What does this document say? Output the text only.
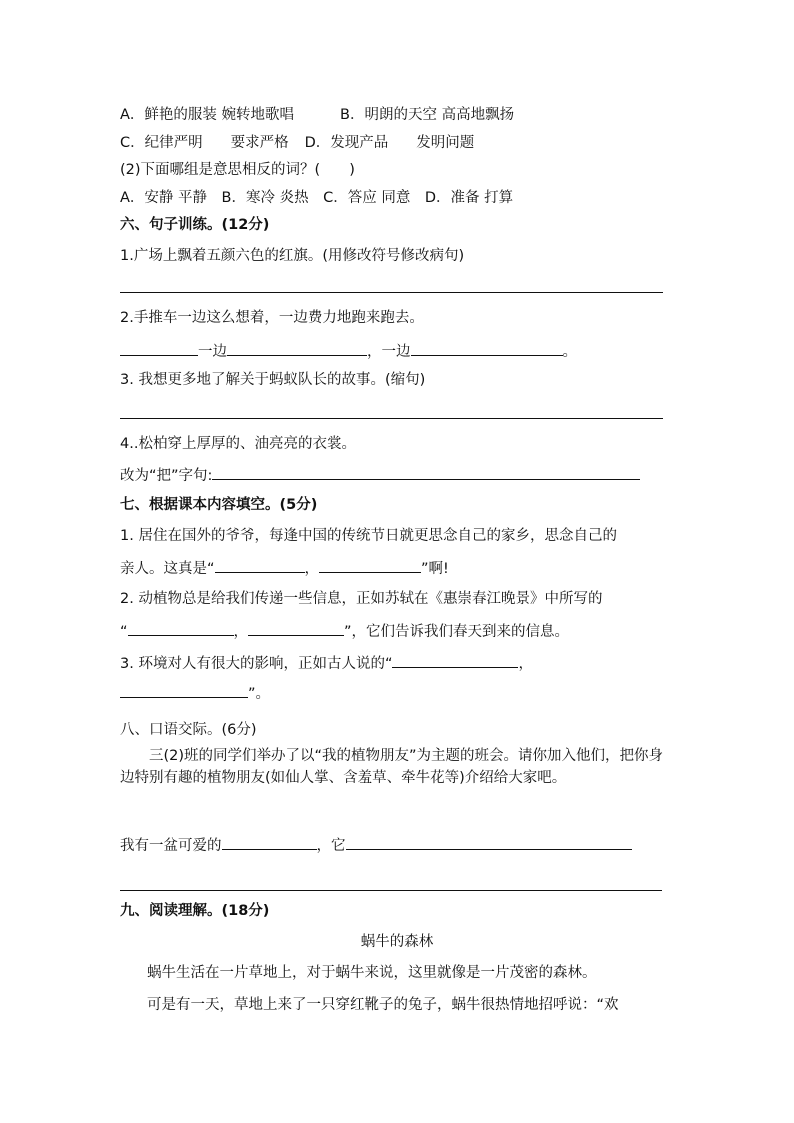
A．鲜艳的服装 婉转地歌唱	B．明朗的天空 高高地飘扬
C．纪律严明 要求严格 D．发现产品 发明问题
(2)下面哪组是意思相反的词？(　　)
A．安静 平静　B．寒冷 炎热　C．答应 同意　D．准备 打算
六、句子训练。(12分)
1.广场上飘着五颜六色的红旗。(用修改符号修改病句)
2.手推车一边这么想着，一边费力地跑来跑去。
一边	，一边	。
3. 我想更多地了解关于蚂蚁队长的故事。(缩句)
4..松柏穿上厚厚的、油亮亮的衣裳。
改为“把”字句:
七、根据课本内容填空。(5分)
1. 居住在国外的爷爷，每逢中国的传统节日就更思念自己的家乡，思念自己的
亲人。这真是“	，	”啊!
2. 动植物总是给我们传递一些信息，正如苏轼在《惠崇春江晚景》中所写的
“	，	”，它们告诉我们春天到来的信息。
3. 环境对人有很大的影响，正如古人说的“	，
”。
八、口语交际。(6分)
三(2)班的同学们举办了以“我的植物朋友”为主题的班会。请你加入他们，把你身边特别有趣的植物朋友(如仙人掌、含羞草、牵牛花等)介绍给大家吧。
我有一盆可爱的	，它
九、阅读理解。(18分)
蜗牛的森林
蜗牛生活在一片草地上，对于蜗牛来说，这里就像是一片茂密的森林。
可是有一天，草地上来了一只穿红靴子的兔子，蜗牛很热情地招呼说：“欢
